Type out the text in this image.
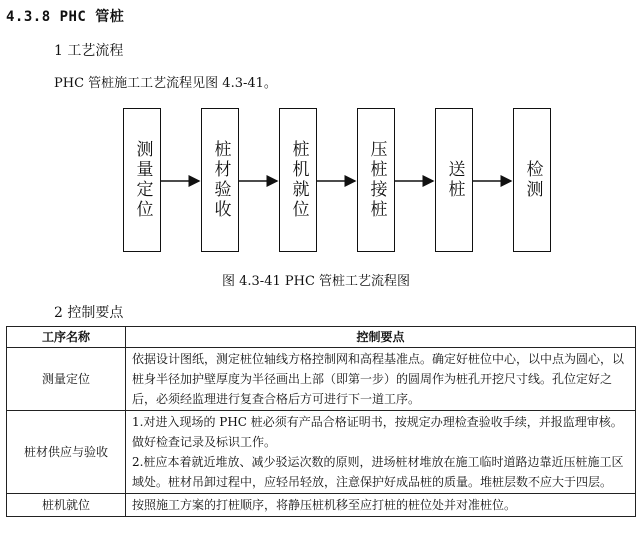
4.3.8 PHC 管桩
1 工艺流程
PHC 管桩施工工艺流程见图 4.3-41。
测量定位	桩材验收	桩机就位	压桩接桩	送桩	检测
图 4.3-41 PHC 管桩工艺流程图
2 控制要点
工序名称	控制要点
测量定位	依据设计图纸，测定桩位轴线方格控制网和高程基准点。确定好桩位中心，以中点为圆心，以桩身半径加护壁厚度为半径画出上部（即第一步）的圆周作为桩孔开挖尺寸线。孔位定好之后，必须经监理进行复查合格后方可进行下一道工序。

桩材供应与验收	1.对进入现场的 PHC 桩必须有产品合格证明书，按规定办理检查验收手续，并报监理审核。做好检查记录及标识工作。
2.桩应本着就近堆放、减少驳运次数的原则，进场桩材堆放在施工临时道路边靠近压桩施工区域处。桩材吊卸过程中，应轻吊轻放，注意保护好成品桩的质量。堆桩层数不应大于四层。

桩机就位	按照施工方案的打桩顺序，将静压桩机移至应打桩的桩位处并对准桩位。
